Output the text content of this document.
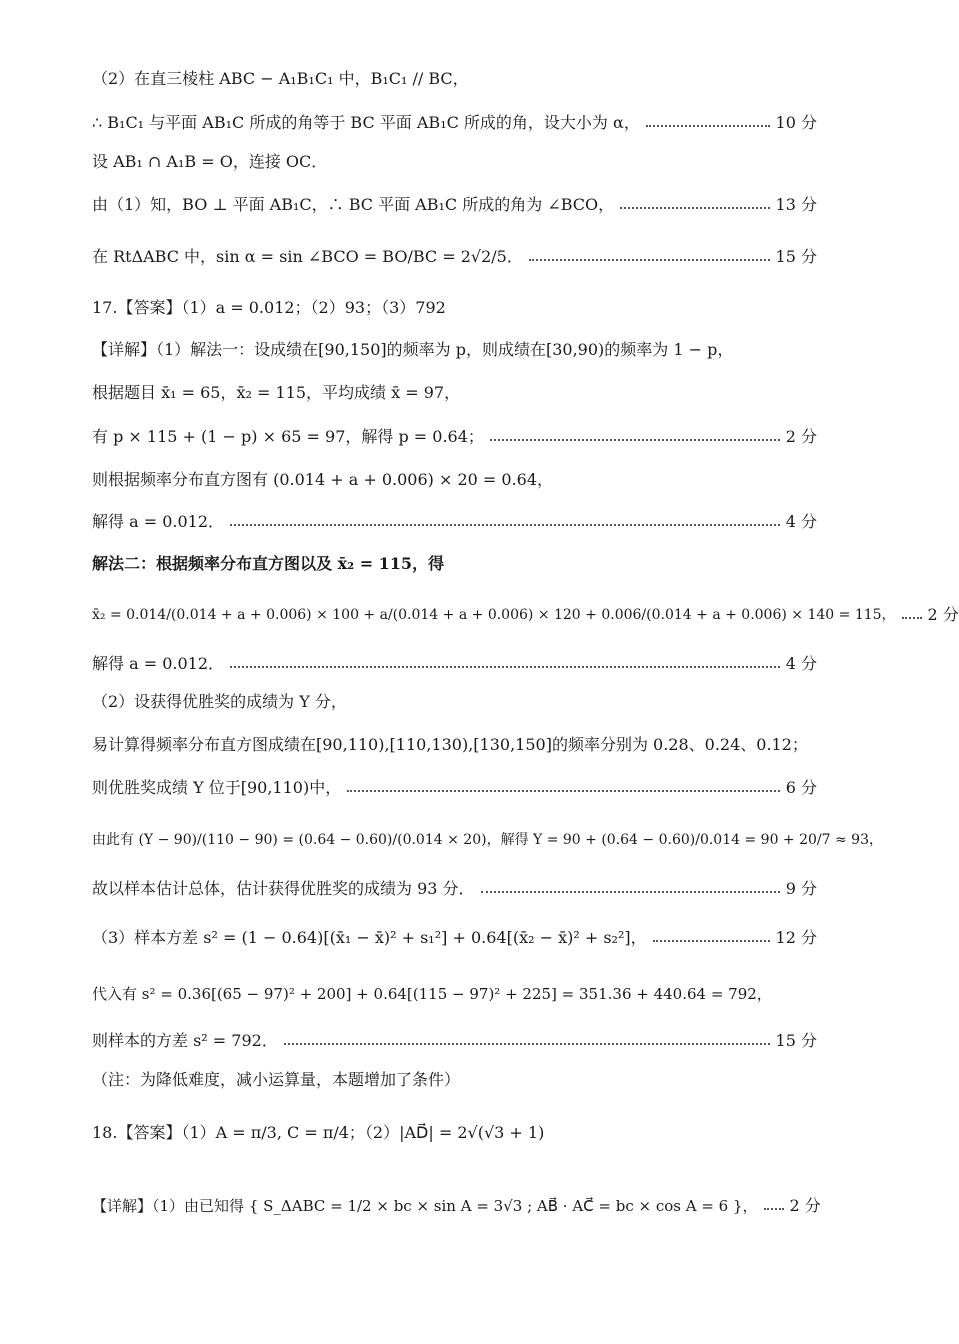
（2）在直三棱柱 ABC − A₁B₁C₁ 中，B₁C₁ // BC，
∴ B₁C₁ 与平面 AB₁C 所成的角等于 BC 平面 AB₁C 所成的角，设大小为 α，	10 分
设 AB₁ ∩ A₁B = O，连接 OC．
由（1）知，BO ⊥ 平面 AB₁C，∴ BC 平面 AB₁C 所成的角为 ∠BCO，	13 分
在 RtΔABC 中，sin α = sin ∠BCO = BO/BC = 2√2/5．	15 分
17.【答案】（1）a = 0.012；（2）93；（3）792
【详解】（1）解法一：设成绩在[90,150]的频率为 p，则成绩在[30,90)的频率为 1 − p，
根据题目 x̄₁ = 65，x̄₂ = 115，平均成绩 x̄ = 97，
有 p × 115 + (1 − p) × 65 = 97，解得 p = 0.64；	2 分
则根据频率分布直方图有 (0.014 + a + 0.006) × 20 = 0.64，
解得 a = 0.012．	4 分
解法二：根据频率分布直方图以及 x̄₂ = 115，得
x̄₂ = 0.014/(0.014 + a + 0.006) × 100 + a/(0.014 + a + 0.006) × 120 + 0.006/(0.014 + a + 0.006) × 140 = 115， 2 分
解得 a = 0.012．	4 分
（2）设获得优胜奖的成绩为 Y 分，
易计算得频率分布直方图成绩在[90,110),[110,130),[130,150]的频率分别为 0.28、0.24、0.12；
则优胜奖成绩 Y 位于[90,110)中，	6 分
由此有 (Y − 90)/(110 − 90) = (0.64 − 0.60)/(0.014 × 20)，解得 Y = 90 + (0.64 − 0.60)/0.014 = 90 + 20/7 ≈ 93，
故以样本估计总体，估计获得优胜奖的成绩为 93 分．	9 分
（3）样本方差 s² = (1 − 0.64)[(x̄₁ − x̄)² + s₁²] + 0.64[(x̄₂ − x̄)² + s₂²]，	12 分
代入有 s² = 0.36[(65 − 97)² + 200] + 0.64[(115 − 97)² + 225] = 351.36 + 440.64 = 792，
则样本的方差 s² = 792．	15 分
（注：为降低难度，减小运算量，本题增加了条件）
18.【答案】（1）A = π/3, C = π/4；（2）|AD⃗| = 2√(√3 + 1)
【详解】（1）由已知得 { S_ΔABC = 1/2 × bc × sin A = 3√3 ; AB⃗ · AC⃗ = bc × cos A = 6 }， 2 分
